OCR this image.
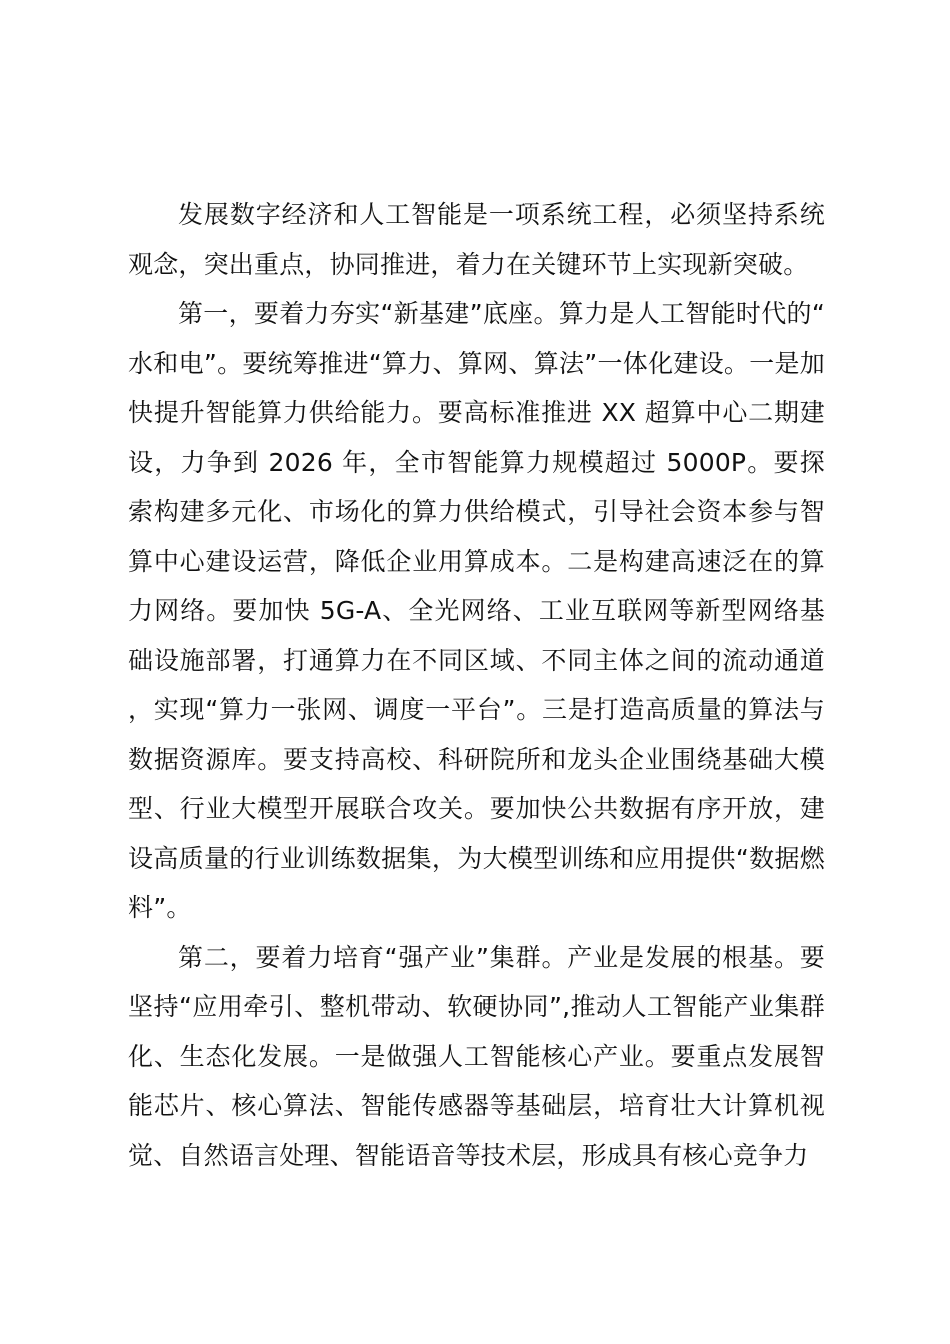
发展数字经济和人工智能是一项系统工程，必须坚持系统观念，突出重点，协同推进，着力在关键环节上实现新突破。

第一，要着力夯实“新基建”底座。算力是人工智能时代的“水和电”。要统筹推进“算力、算网、算法”一体化建设。一是加快提升智能算力供给能力。要高标准推进 XX 超算中心二期建设，力争到 2026 年，全市智能算力规模超过 5000P。要探索构建多元化、市场化的算力供给模式，引导社会资本参与智算中心建设运营，降低企业用算成本。二是构建高速泛在的算力网络。要加快 5G-A、全光网络、工业互联网等新型网络基础设施部署，打通算力在不同区域、不同主体之间的流动通道，实现“算力一张网、调度一平台”。三是打造高质量的算法与数据资源库。要支持高校、科研院所和龙头企业围绕基础大模型、行业大模型开展联合攻关。要加快公共数据有序开放，建设高质量的行业训练数据集，为大模型训练和应用提供“数据燃料”。

第二，要着力培育“强产业”集群。产业是发展的根基。要坚持“应用牵引、整机带动、软硬协同”,推动人工智能产业集群化、生态化发展。一是做强人工智能核心产业。要重点发展智能芯片、核心算法、智能传感器等基础层，培育壮大计算机视觉、自然语言处理、智能语音等技术层，形成具有核心竞争力
